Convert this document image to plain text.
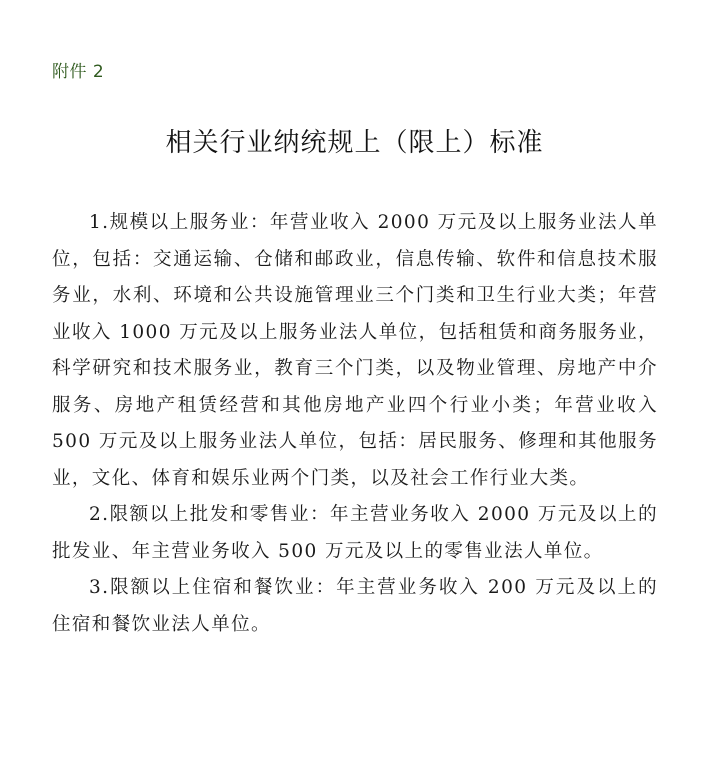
附件 2
相关行业纳统规上（限上）标准

1.规模以上服务业：年营业收入 2000 万元及以上服务业法人单位，包括：交通运输、仓储和邮政业，信息传输、软件和信息技术服务业，水利、环境和公共设施管理业三个门类和卫生行业大类；年营业收入 1000 万元及以上服务业法人单位，包括租赁和商务服务业，科学研究和技术服务业，教育三个门类，以及物业管理、房地产中介服务、房地产租赁经营和其他房地产业四个行业小类；年营业收入 500 万元及以上服务业法人单位，包括：居民服务、修理和其他服务业，文化、体育和娱乐业两个门类，以及社会工作行业大类。

2.限额以上批发和零售业：年主营业务收入 2000 万元及以上的批发业、年主营业务收入 500 万元及以上的零售业法人单位。

3.限额以上住宿和餐饮业：年主营业务收入 200 万元及以上的住宿和餐饮业法人单位。
